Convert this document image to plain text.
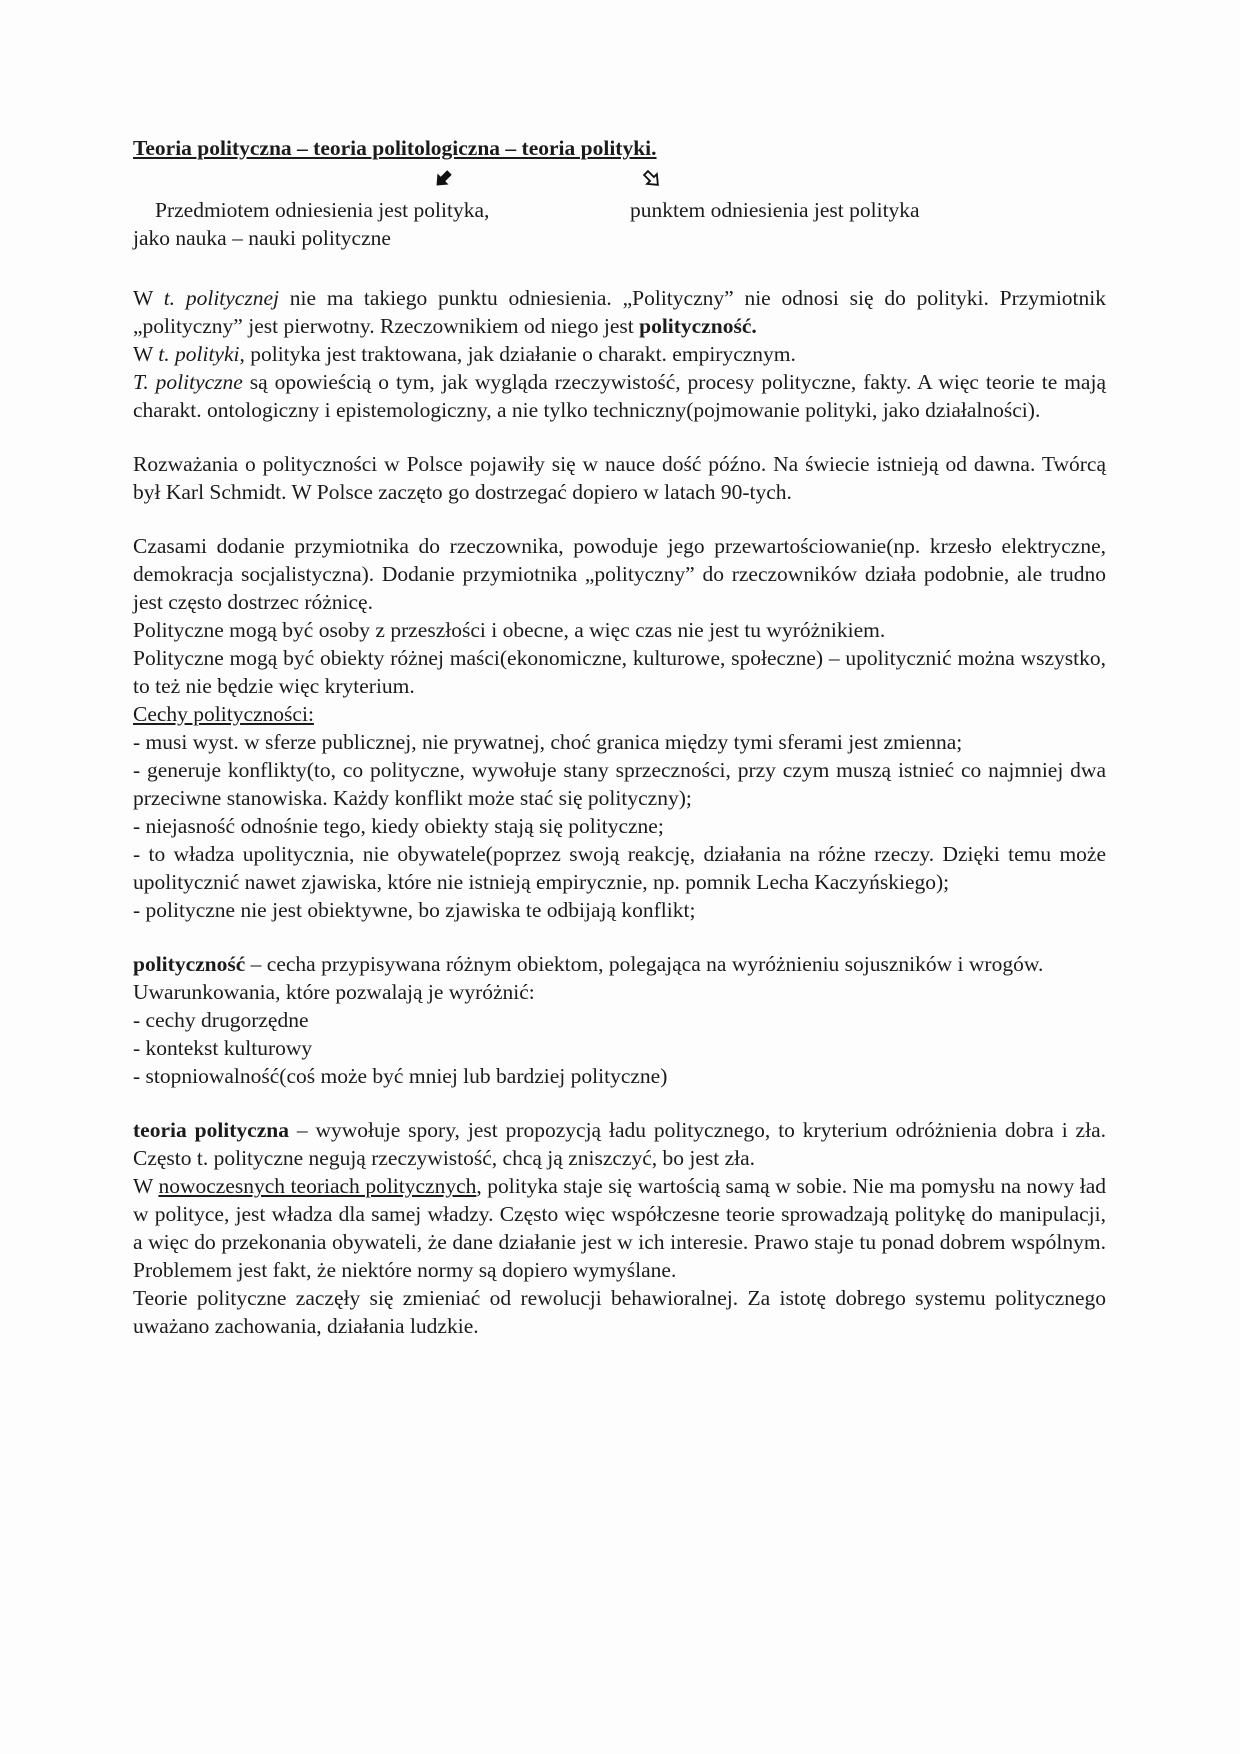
Teoria polityczna – teoria politologiczna – teoria polityki.
Przedmiotem odniesienia jest polityka,
jako nauka – nauki polityczne
punktem odniesienia jest polityka

W t. politycznej nie ma takiego punktu odniesienia. „Polityczny” nie odnosi się do polityki. Przymiotnik „polityczny” jest pierwotny. Rzeczownikiem od niego jest polityczność.

W t. polityki, polityka jest traktowana, jak działanie o charakt. empirycznym.

T. polityczne są opowieścią o tym, jak wygląda rzeczywistość, procesy polityczne, fakty. A więc teorie te mają charakt. ontologiczny i epistemologiczny, a nie tylko techniczny(pojmowanie polityki, jako działalności).

Rozważania o polityczności w Polsce pojawiły się w nauce dość późno. Na świecie istnieją od dawna. Twórcą był Karl Schmidt. W Polsce zaczęto go dostrzegać dopiero w latach 90-tych.

Czasami dodanie przymiotnika do rzeczownika, powoduje jego przewartościowanie(np. krzesło elektryczne, demokracja socjalistyczna). Dodanie przymiotnika „polityczny” do rzeczowników działa podobnie, ale trudno jest często dostrzec różnicę.

Polityczne mogą być osoby z przeszłości i obecne, a więc czas nie jest tu wyróżnikiem.

Polityczne mogą być obiekty różnej maści(ekonomiczne, kulturowe, społeczne) – upolitycznić można wszystko, to też nie będzie więc kryterium.

Cechy polityczności:

- musi wyst. w sferze publicznej, nie prywatnej, choć granica między tymi sferami jest zmienna;

- generuje konflikty(to, co polityczne, wywołuje stany sprzeczności, przy czym muszą istnieć co najmniej dwa przeciwne stanowiska. Każdy konflikt może stać się polityczny);

- niejasność odnośnie tego, kiedy obiekty stają się polityczne;

- to władza upolitycznia, nie obywatele(poprzez swoją reakcję, działania na różne rzeczy. Dzięki temu może upolitycznić nawet zjawiska, które nie istnieją empirycznie, np. pomnik Lecha Kaczyńskiego);

- polityczne nie jest obiektywne, bo zjawiska te odbijają konflikt;

polityczność – cecha przypisywana różnym obiektom, polegająca na wyróżnieniu sojuszników i wrogów.

Uwarunkowania, które pozwalają je wyróżnić:

- cechy drugorzędne

- kontekst kulturowy

- stopniowalność(coś może być mniej lub bardziej polityczne)

teoria polityczna – wywołuje spory, jest propozycją ładu politycznego, to kryterium odróżnienia dobra i zła. Często t. polityczne negują rzeczywistość, chcą ją zniszczyć, bo jest zła.

W nowoczesnych teoriach politycznych, polityka staje się wartością samą w sobie. Nie ma pomysłu na nowy ład w polityce, jest władza dla samej władzy. Często więc współczesne teorie sprowadzają politykę do manipulacji, a więc do przekonania obywateli, że dane działanie jest w ich interesie. Prawo staje tu ponad dobrem wspólnym. Problemem jest fakt, że niektóre normy są dopiero wymyślane.

Teorie polityczne zaczęły się zmieniać od rewolucji behawioralnej. Za istotę dobrego systemu politycznego uważano zachowania, działania ludzkie.
